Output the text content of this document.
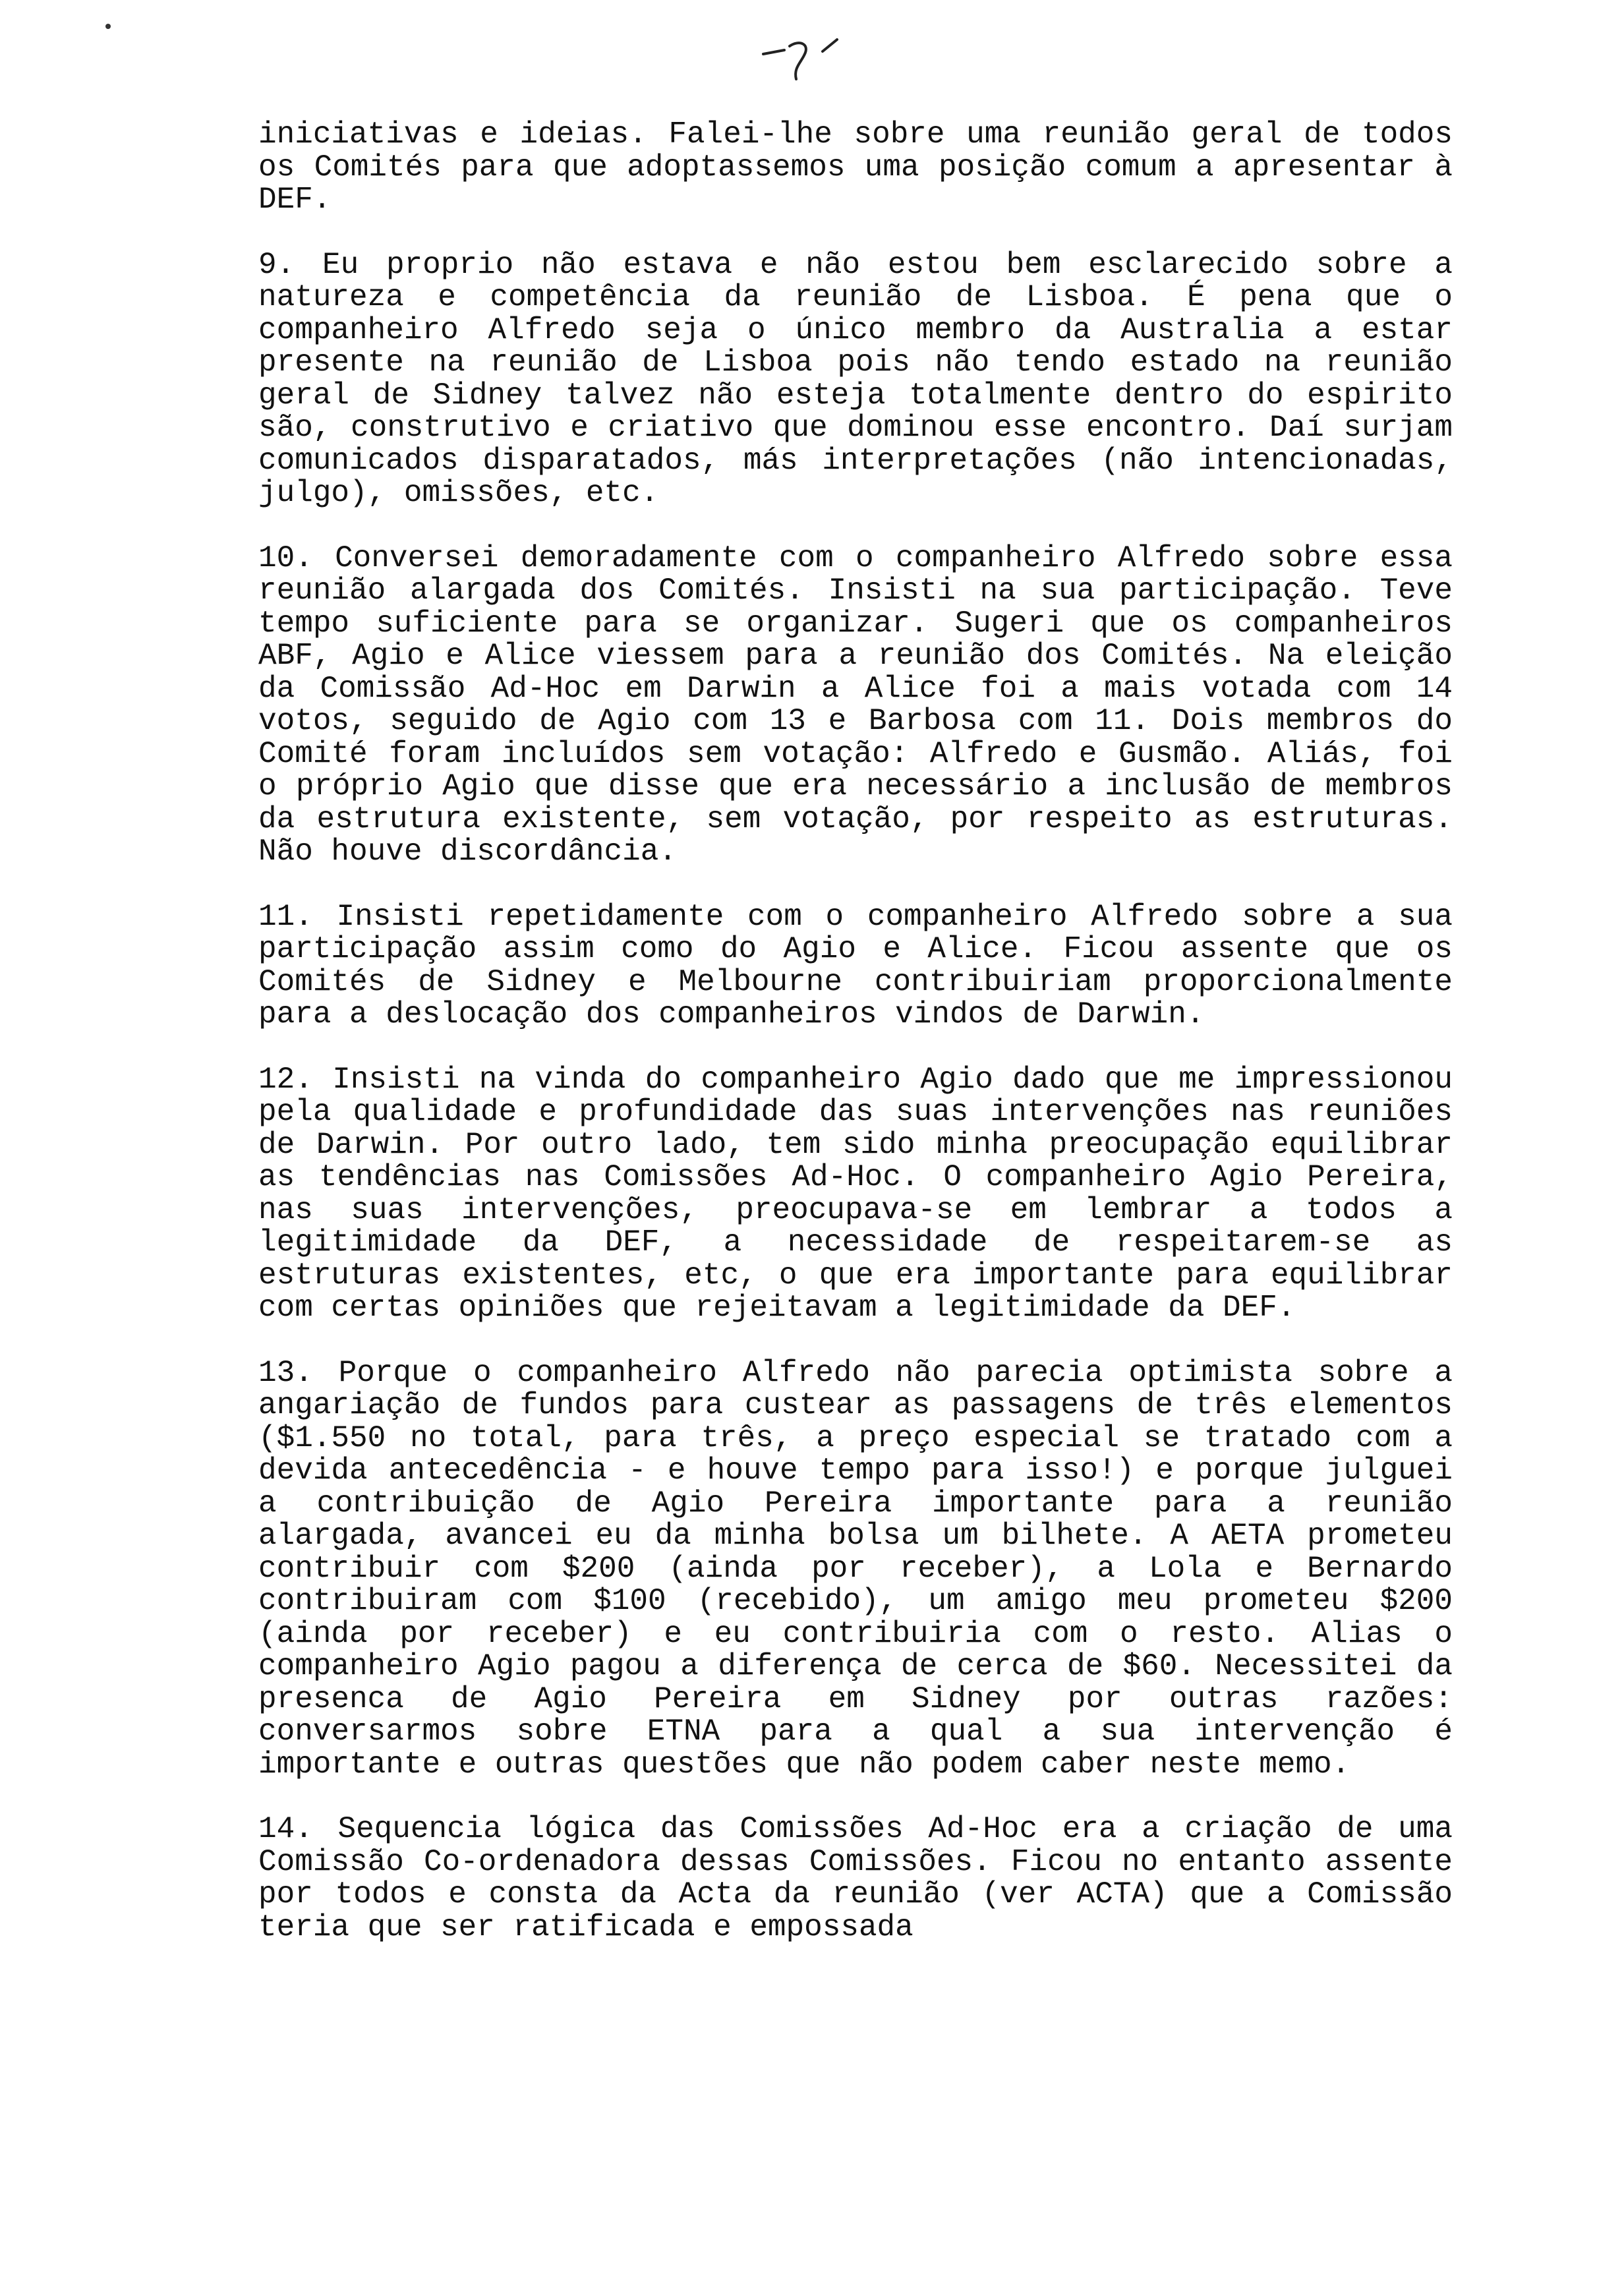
iniciativas e ideias. Falei-lhe sobre uma reunião geral de todos os Comités para que adoptassemos uma posição comum a apresentar à DEF.

9. Eu proprio não estava e não estou bem esclarecido sobre a natureza e competência da reunião de Lisboa. É pena que o companheiro Alfredo seja o único membro da Australia a estar presente na reunião de Lisboa pois não tendo estado na reunião geral de Sidney talvez não esteja totalmente dentro do espirito são, construtivo e criativo que dominou esse encontro. Daí surjam comunicados disparatados, más interpretações (não intencionadas, julgo), omissões, etc.

10. Conversei demoradamente com o companheiro Alfredo sobre essa reunião alargada dos Comités. Insisti na sua participação. Teve tempo suficiente para se organizar. Sugeri que os companheiros ABF, Agio e Alice viessem para a reunião dos Comités. Na eleição da Comissão Ad-Hoc em Darwin a Alice foi a mais votada com 14 votos, seguido de Agio com 13 e Barbosa com 11. Dois membros do Comité foram incluídos sem votação: Alfredo e Gusmão. Aliás, foi o próprio Agio que disse que era necessário a inclusão de membros da estrutura existente, sem votação, por respeito as estruturas. Não houve discordância.

11. Insisti repetidamente com o companheiro Alfredo sobre a sua participação assim como do Agio e Alice. Ficou assente que os Comités de Sidney e Melbourne contribuiriam proporcionalmente para a deslocação dos companheiros vindos de Darwin.

12. Insisti na vinda do companheiro Agio dado que me impressionou pela qualidade e profundidade das suas intervenções nas reuniões de Darwin. Por outro lado, tem sido minha preocupação equilibrar as tendências nas Comissões Ad-Hoc. O companheiro Agio Pereira, nas suas intervenções, preocupava-se em lembrar a todos a legitimidade da DEF, a necessidade de respeitarem-se as estruturas existentes, etc, o que era importante para equilibrar com certas opiniões que rejeitavam a legitimidade da DEF.

13. Porque o companheiro Alfredo não parecia optimista sobre a angariação de fundos para custear as passagens de três elementos ($1.550 no total, para três, a preço especial se tratado com a devida antecedência - e houve tempo para isso!) e porque julguei a contribuição de Agio Pereira importante para a reunião alargada, avancei eu da minha bolsa um bilhete. A AETA prometeu contribuir com $200 (ainda por receber), a Lola e Bernardo contribuiram com $100 (recebido), um amigo meu prometeu $200 (ainda por receber) e eu contribuiria com o resto. Alias o companheiro Agio pagou a diferença de cerca de $60. Necessitei da presenca de Agio Pereira em Sidney por outras razões: conversarmos sobre ETNA para a qual a sua intervenção é importante e outras questões que não podem caber neste memo.

14. Sequencia lógica das Comissões Ad-Hoc era a criação de uma Comissão Co-ordenadora dessas Comissões. Ficou no entanto assente por todos e consta da Acta da reunião (ver ACTA) que a Comissão teria que ser ratificada e empossada
